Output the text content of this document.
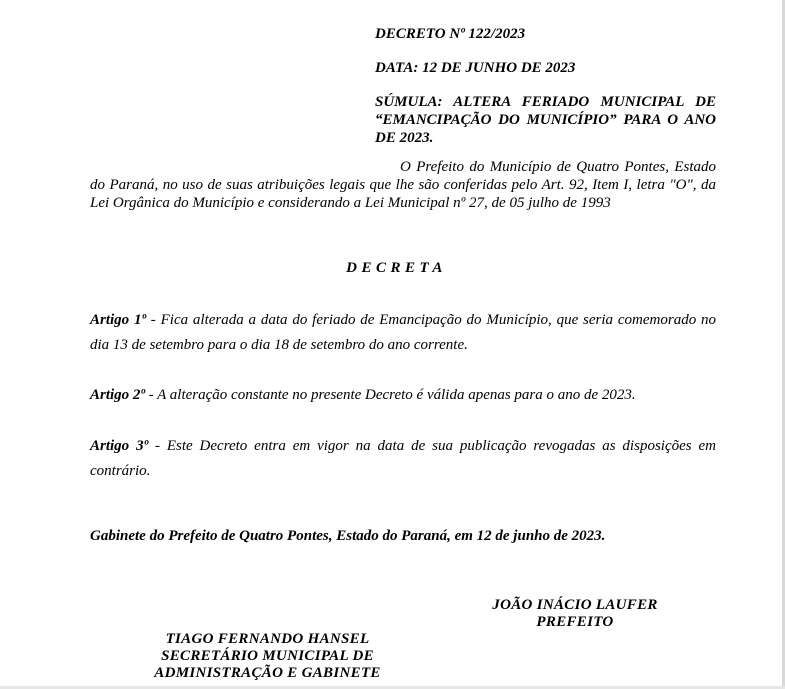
DECRETO Nº 122/2023

DATA: 12 DE JUNHO DE 2023

SÚMULA: ALTERA FERIADO MUNICIPAL DE “EMANCIPAÇÃO DO MUNICÍPIO” PARA O ANO DE 2023.

O Prefeito do Município de Quatro Pontes, Estado do Paraná, no uso de suas atribuições legais que lhe são conferidas pelo Art. 92, Item I, letra "O", da Lei Orgânica do Município e considerando a Lei Municipal nº 27, de 05 julho de 1993

DECRETA

Artigo 1º - Fica alterada a data do feriado de Emancipação do Município, que seria comemorado no dia 13 de setembro para o dia 18 de setembro do ano corrente.

Artigo 2º - A alteração constante no presente Decreto é válida apenas para o ano de 2023.

Artigo 3º - Este Decreto entra em vigor na data de sua publicação revogadas as disposições em contrário.

Gabinete do Prefeito de Quatro Pontes, Estado do Paraná, em 12 de junho de 2023.

JOÃO INÁCIO LAUFER
PREFEITO
TIAGO FERNANDO HANSEL
SECRETÁRIO MUNICIPAL DE
ADMINISTRAÇÃO E GABINETE
